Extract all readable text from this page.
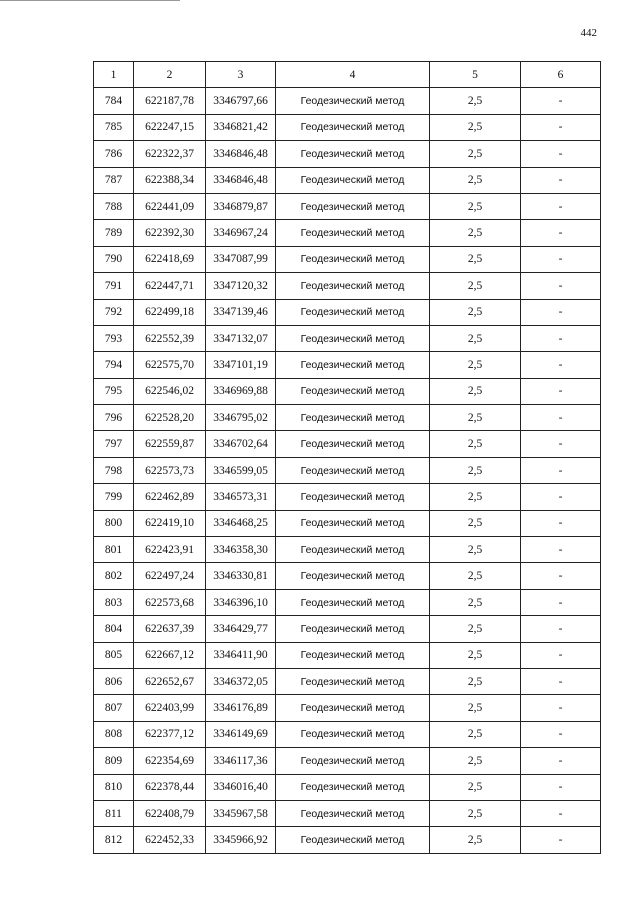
442
1	2	3	4	5	6
784	622187,78	3346797,66	Геодезический метод	2,5	-
785	622247,15	3346821,42	Геодезический метод	2,5	-
786	622322,37	3346846,48	Геодезический метод	2,5	-
787	622388,34	3346846,48	Геодезический метод	2,5	-
788	622441,09	3346879,87	Геодезический метод	2,5	-
789	622392,30	3346967,24	Геодезический метод	2,5	-
790	622418,69	3347087,99	Геодезический метод	2,5	-
791	622447,71	3347120,32	Геодезический метод	2,5	-
792	622499,18	3347139,46	Геодезический метод	2,5	-
793	622552,39	3347132,07	Геодезический метод	2,5	-
794	622575,70	3347101,19	Геодезический метод	2,5	-
795	622546,02	3346969,88	Геодезический метод	2,5	-
796	622528,20	3346795,02	Геодезический метод	2,5	-
797	622559,87	3346702,64	Геодезический метод	2,5	-
798	622573,73	3346599,05	Геодезический метод	2,5	-
799	622462,89	3346573,31	Геодезический метод	2,5	-
800	622419,10	3346468,25	Геодезический метод	2,5	-
801	622423,91	3346358,30	Геодезический метод	2,5	-
802	622497,24	3346330,81	Геодезический метод	2,5	-
803	622573,68	3346396,10	Геодезический метод	2,5	-
804	622637,39	3346429,77	Геодезический метод	2,5	-
805	622667,12	3346411,90	Геодезический метод	2,5	-
806	622652,67	3346372,05	Геодезический метод	2,5	-
807	622403,99	3346176,89	Геодезический метод	2,5	-
808	622377,12	3346149,69	Геодезический метод	2,5	-
809	622354,69	3346117,36	Геодезический метод	2,5	-
810	622378,44	3346016,40	Геодезический метод	2,5	-
811	622408,79	3345967,58	Геодезический метод	2,5	-
812	622452,33	3345966,92	Геодезический метод	2,5	-
